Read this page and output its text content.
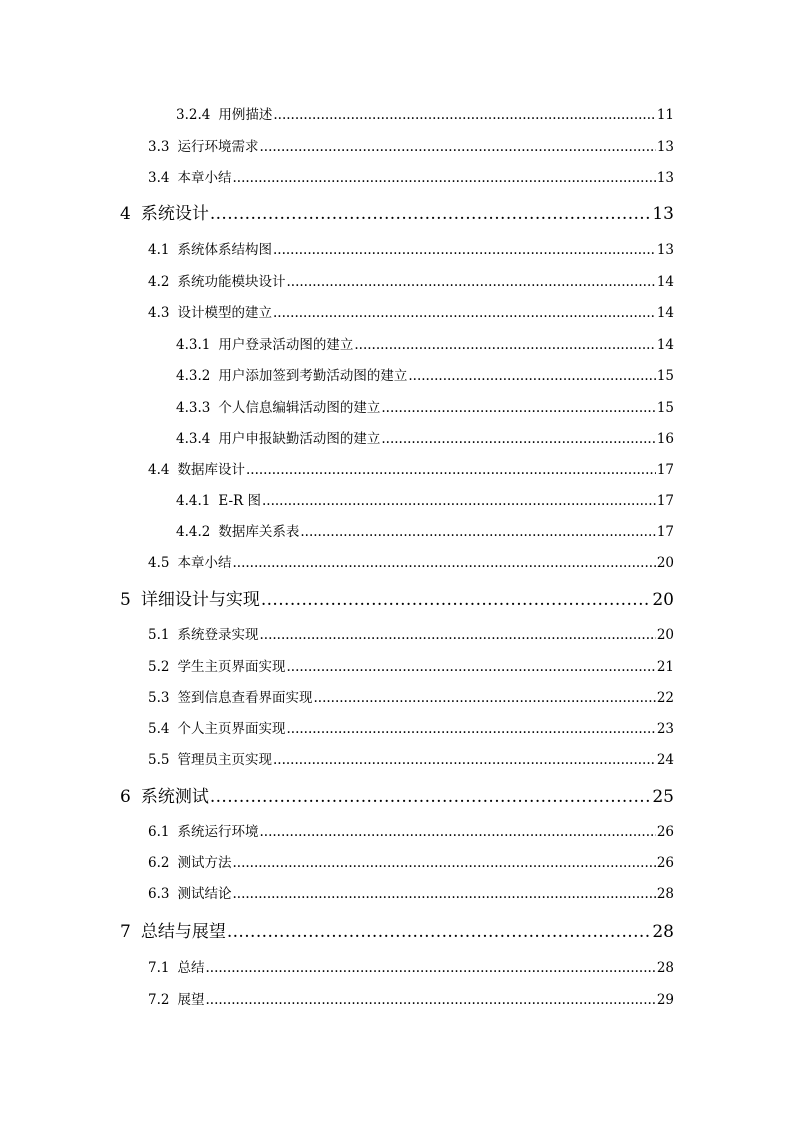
3.2.4 用例描述 .....	11
3.3 运行环境需求 .....	13
3.4 本章小结 .....	13
4 系统设计 .....	13
4.1 系统体系结构图 .....	13
4.2 系统功能模块设计 .....	14
4.3 设计模型的建立 .....	14
4.3.1 用户登录活动图的建立 .....	14
4.3.2 用户添加签到考勤活动图的建立 .....	15
4.3.3 个人信息编辑活动图的建立 .....	15
4.3.4 用户申报缺勤活动图的建立 .....	16
4.4 数据库设计 .....	17
4.4.1 E-R 图 .....	17
4.4.2 数据库关系表 .....	17
4.5 本章小结 .....	20
5 详细设计与实现 .....	20
5.1 系统登录实现 .....	20
5.2 学生主页界面实现 .....	21
5.3 签到信息查看界面实现 .....	22
5.4 个人主页界面实现 .....	23
5.5 管理员主页实现 .....	24
6 系统测试 .....	25
6.1 系统运行环境 .....	26
6.2 测试方法 .....	26
6.3 测试结论 .....	28
7 总结与展望 .....	28
7.1 总结 .....	28
7.2 展望 .....	29
